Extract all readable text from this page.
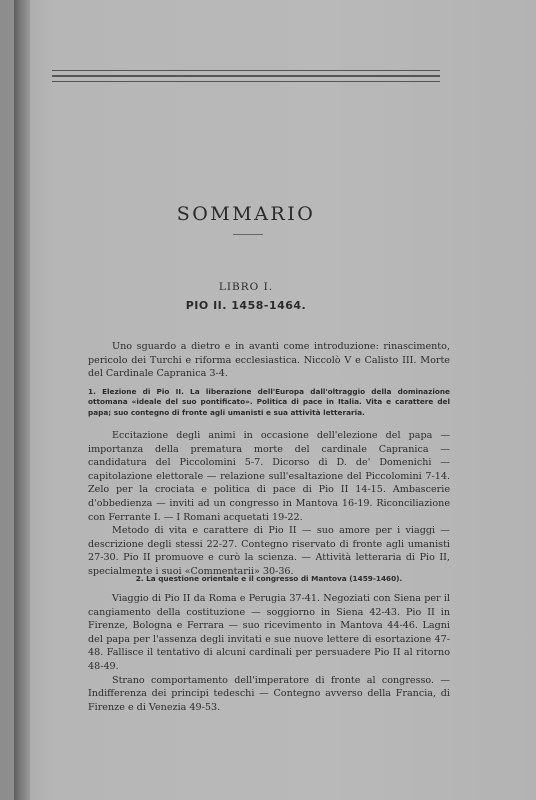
SOMMARIO
LIBRO I.
PIO II. 1458-1464.

Uno sguardo a dietro e in avanti come introduzione: rinascimento, pericolo dei Turchi e riforma ecclesiastica. Niccolò V e Calisto III. Morte del Cardinale Capranica 3-4.

1. Elezione di Pio II. La liberazione dell'Europa dall'oltraggio della dominazione ottomana «ideale del suo pontificato». Politica di pace in Italia. Vita e carattere del papa; suo contegno di fronte agli umanisti e sua attività letteraria.

Eccitazione degli animi in occasione dell'elezione del papa — importanza della prematura morte del cardinale Capranica — candidatura del Piccolomini 5-7. Dicorso di D. de' Domenichi — capitolazione elettorale — relazione sull'esaltazione del Piccolomini 7-14. Zelo per la crociata e politica di pace di Pio II 14-15. Ambascerie d'obbedienza — inviti ad un congresso in Mantova 16-19. Riconciliazione con Ferrante I. — I Romani acquetati 19-22.

Metodo di vita e carattere di Pio II — suo amore per i viaggi — descrizione degli stessi 22-27. Contegno riservato di fronte agli umanisti 27-30. Pio II promuove e curò la scienza. — Attività letteraria di Pio II, specialmente i suoi «Commentarii» 30-36.

2. La questione orientale e il congresso di Mantova (1459-1460).

Viaggio di Pio II da Roma e Perugia 37-41. Negoziati con Siena per il cangiamento della costituzione — soggiorno in Siena 42-43. Pio II in Firenze, Bologna e Ferrara — suo ricevimento in Mantova 44-46. Lagni del papa per l'assenza degli invitati e sue nuove lettere di esortazione 47-48. Fallisce il tentativo di alcuni cardinali per persuadere Pio II al ritorno 48-49.

Strano comportamento dell'imperatore di fronte al congresso. — Indifferenza dei principi tedeschi — Contegno avverso della Francia, di Firenze e di Venezia 49-53.
